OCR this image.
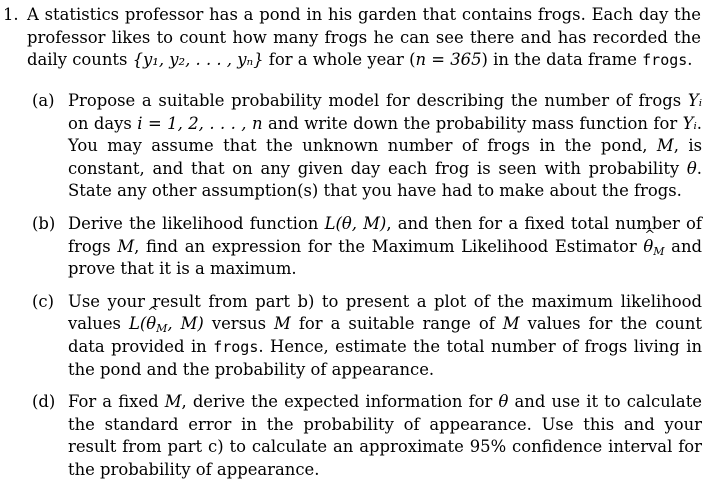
1. A statistics professor has a pond in his garden that contains frogs. Each day the professor likes to count how many frogs he can see there and has recorded the daily counts {y₁, y₂, . . . , yₙ} for a whole year (n = 365) in the data frame frogs.
(a) Propose a suitable probability model for describing the number of frogs Yᵢ on days i = 1, 2, . . . , n and write down the probability mass function for Yᵢ. You may assume that the unknown number of frogs in the pond, M, is constant, and that on any given day each frog is seen with probability θ. State any other assumption(s) that you have had to make about the frogs.
(b) Derive the likelihood function L(θ, M), and then for a fixed total number of frogs M, find an expression for the Maximum Likelihood Estimator ^ $\theta_M$ and prove that it is a maximum.
(c) Use your result from part b) to present a plot of the maximum likelihood values L(^ $\theta_M$, M) versus M for a suitable range of M values for the count data provided in frogs. Hence, estimate the total number of frogs living in the pond and the probability of appearance.
(d) For a fixed M, derive the expected information for θ and use it to calculate the standard error in the probability of appearance. Use this and your result from part c) to calculate an approximate 95% confidence interval for the probability of appearance.
